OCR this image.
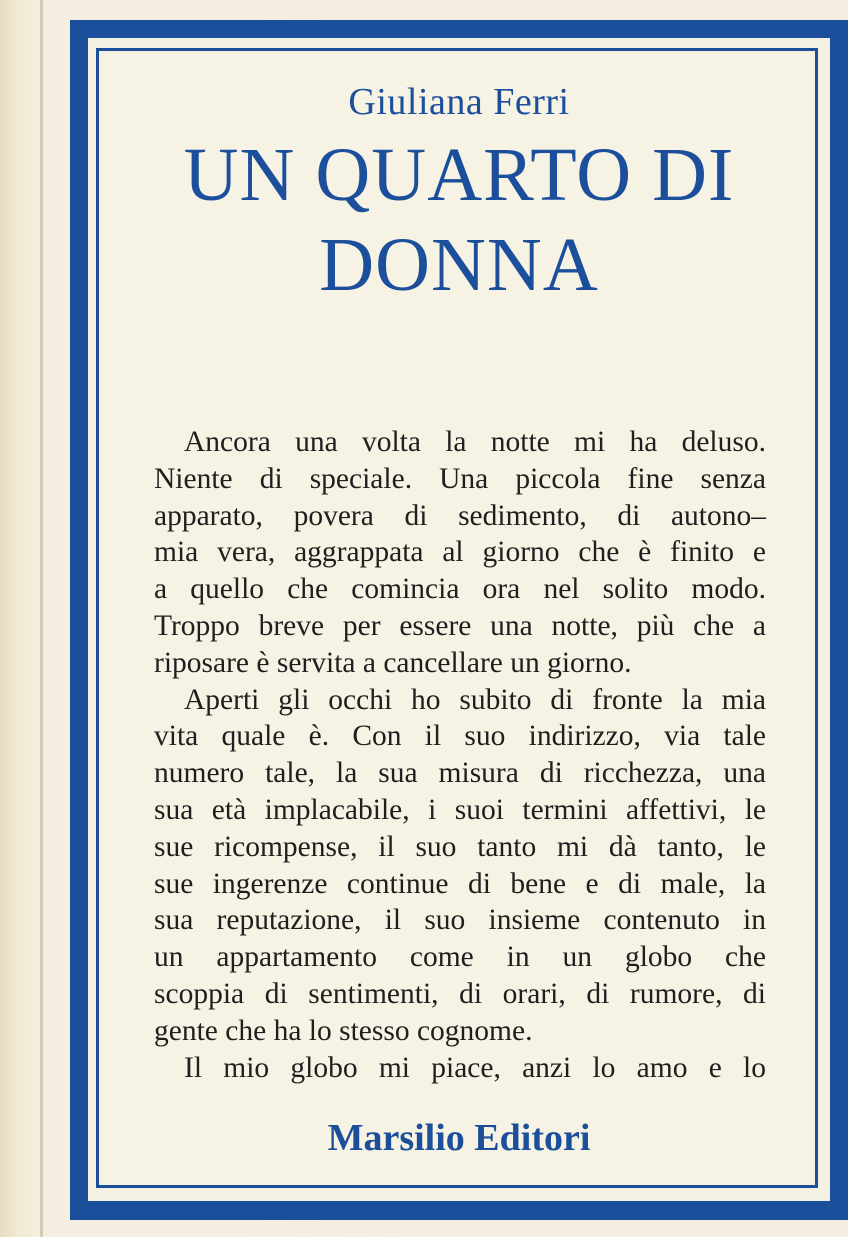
Giuliana Ferri

UN QUARTO DI
DONNA
Ancora una volta la notte mi ha deluso.
Niente di speciale. Una piccola fine senza
apparato, povera di sedimento, di autono–
mia vera, aggrappata al giorno che è finito e
a quello che comincia ora nel solito modo.
Troppo breve per essere una notte, più che a
riposare è servita a cancellare un giorno.
Aperti gli occhi ho subito di fronte la mia
vita quale è. Con il suo indirizzo, via tale
numero tale, la sua misura di ricchezza, una
sua età implacabile, i suoi termini affettivi, le
sue ricompense, il suo tanto mi dà tanto, le
sue ingerenze continue di bene e di male, la
sua reputazione, il suo insieme contenuto in
un appartamento come in un globo che
scoppia di sentimenti, di orari, di rumore, di
gente che ha lo stesso cognome.
Il mio globo mi piace, anzi lo amo e lo

Marsilio Editori
